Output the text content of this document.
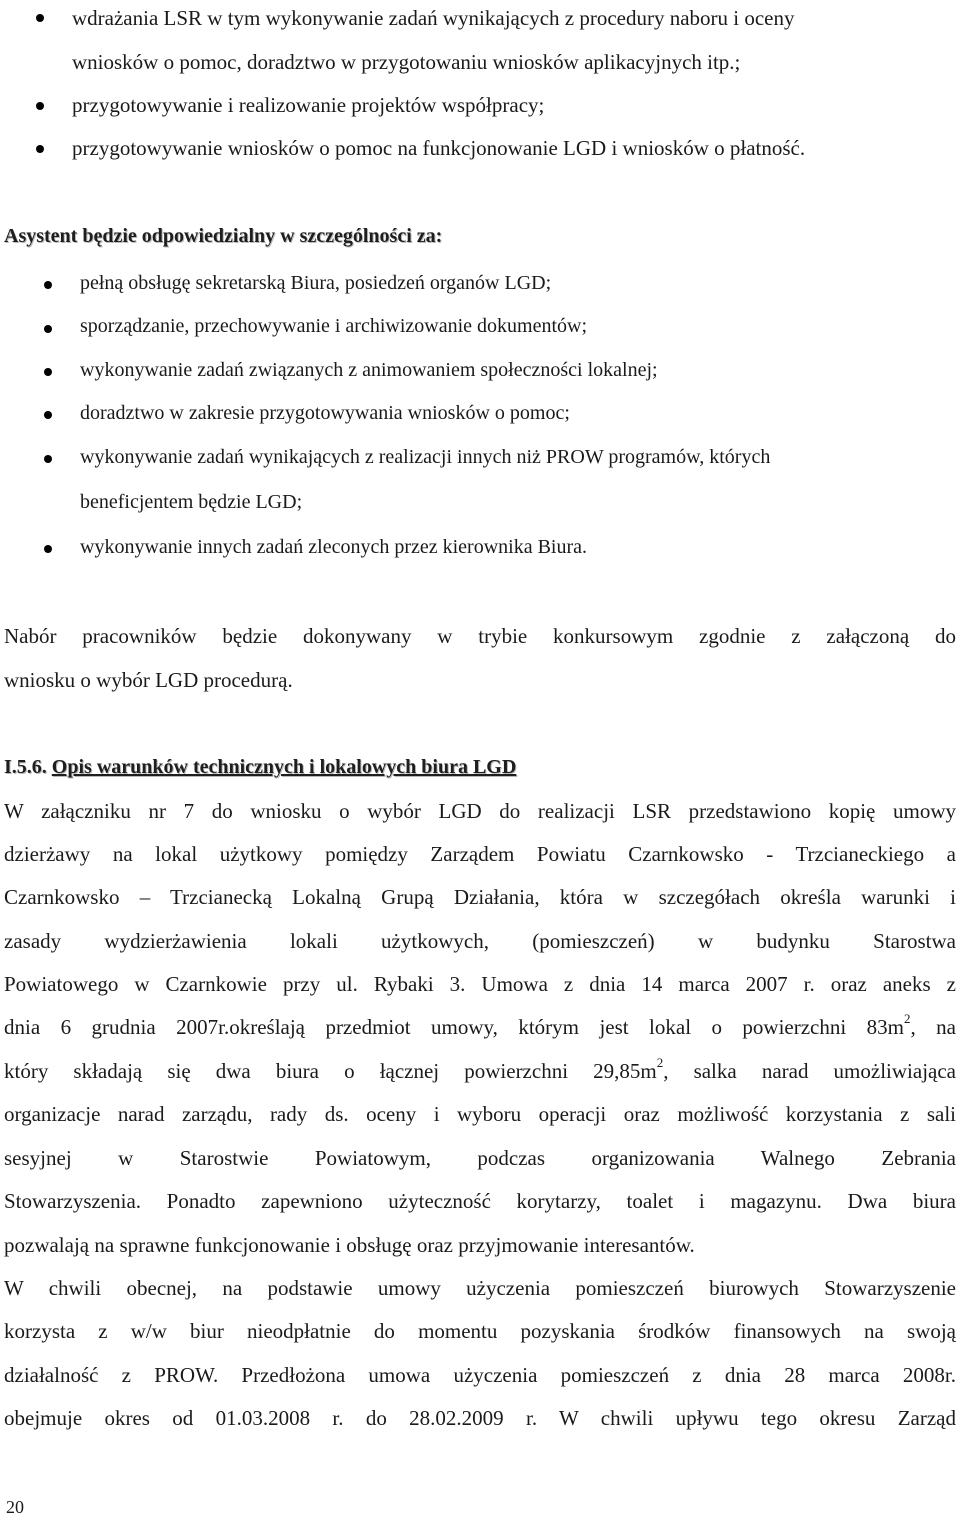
wdrażania LSR w tym wykonywanie zadań wynikających z procedury naboru i oceny
wniosków o pomoc, doradztwo w przygotowaniu wniosków aplikacyjnych itp.;
przygotowywanie i realizowanie projektów współpracy;
przygotowywanie wniosków o pomoc na funkcjonowanie LGD i wniosków o płatność.
Asystent będzie odpowiedzialny w szczególności za:
pełną obsługę sekretarską Biura, posiedzeń organów LGD;
sporządzanie, przechowywanie i archiwizowanie dokumentów;
wykonywanie zadań związanych z animowaniem społeczności lokalnej;
doradztwo w zakresie przygotowywania wniosków o pomoc;
wykonywanie zadań wynikających z realizacji innych niż PROW programów, których
beneficjentem będzie LGD;
wykonywanie innych zadań zleconych przez kierownika Biura.
Nabór pracowników będzie dokonywany w trybie konkursowym zgodnie z załączoną do
wniosku o wybór LGD procedurą.
I.5.6. Opis warunków technicznych i lokalowych biura LGD
W załączniku nr 7 do wniosku o wybór LGD do realizacji LSR przedstawiono kopię umowy
dzierżawy na lokal użytkowy pomiędzy Zarządem Powiatu Czarnkowsko - Trzcianeckiego a
Czarnkowsko – Trzcianecką Lokalną Grupą Działania, która w szczegółach określa warunki i
zasady wydzierżawienia lokali użytkowych, (pomieszczeń) w budynku Starostwa
Powiatowego w Czarnkowie przy ul. Rybaki 3. Umowa z dnia 14 marca 2007 r. oraz aneks z
dnia 6 grudnia 2007r.określają przedmiot umowy, którym jest lokal o powierzchni $83m^2$, na
który składają się dwa biura o łącznej powierzchni $29,85m^2$, salka narad umożliwiająca
organizacje narad zarządu, rady ds. oceny i wyboru operacji oraz możliwość korzystania z sali
sesyjnej w Starostwie Powiatowym, podczas organizowania Walnego Zebrania
Stowarzyszenia. Ponadto zapewniono użyteczność korytarzy, toalet i magazynu. Dwa biura
pozwalają na sprawne funkcjonowanie i obsługę oraz przyjmowanie interesantów.
W chwili obecnej, na podstawie umowy użyczenia pomieszczeń biurowych Stowarzyszenie
korzysta z w/w biur nieodpłatnie do momentu pozyskania środków finansowych na swoją
działalność z PROW. Przedłożona umowa użyczenia pomieszczeń z dnia 28 marca 2008r.
obejmuje okres od 01.03.2008 r. do 28.02.2009 r. W chwili upływu tego okresu Zarząd
20
